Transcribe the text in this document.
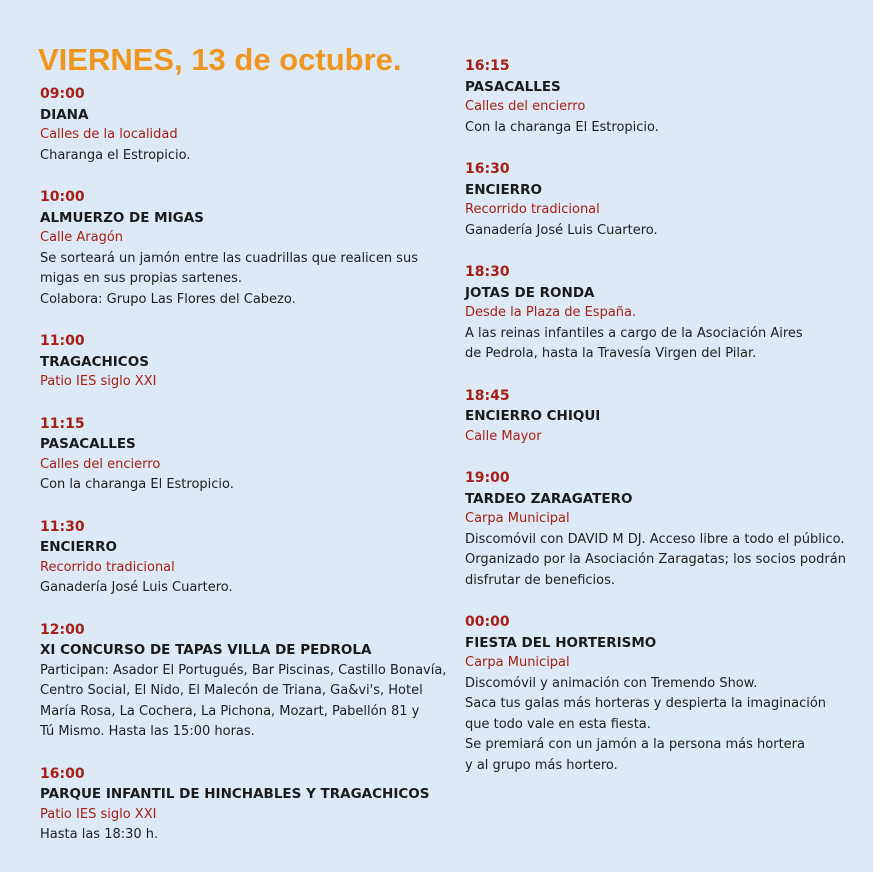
VIERNES, 13 de octubre.
09:00
DIANA
Calles de la localidad
Charanga el Estropicio.
10:00
ALMUERZO DE MIGAS
Calle Aragón
Se sorteará un jamón entre las cuadrillas que realicen sus
migas en sus propias sartenes.
Colabora: Grupo Las Flores del Cabezo.
11:00
TRAGACHICOS
Patio IES siglo XXI
11:15
PASACALLES
Calles del encierro
Con la charanga El Estropicio.
11:30
ENCIERRO
Recorrido tradicional
Ganadería José Luis Cuartero.
12:00
XI CONCURSO DE TAPAS VILLA DE PEDROLA
Participan: Asador El Portugués, Bar Piscinas, Castillo Bonavía,
Centro Social, El Nido, El Malecón de Triana, Ga&vi's, Hotel
María Rosa, La Cochera, La Pichona, Mozart, Pabellón 81 y
Tú Mismo. Hasta las 15:00 horas.
16:00
PARQUE INFANTIL DE HINCHABLES Y TRAGACHICOS
Patio IES siglo XXI
Hasta las 18:30 h.
16:15
PASACALLES
Calles del encierro
Con la charanga El Estropicio.
16:30
ENCIERRO
Recorrido tradicional
Ganadería José Luis Cuartero.
18:30
JOTAS DE RONDA
Desde la Plaza de España.
A las reinas infantiles a cargo de la Asociación Aires
de Pedrola, hasta la Travesía Virgen del Pilar.
18:45
ENCIERRO CHIQUI
Calle Mayor
19:00
TARDEO ZARAGATERO
Carpa Municipal
Discomóvil con DAVID M DJ. Acceso libre a todo el público.
Organizado por la Asociación Zaragatas; los socios podrán
disfrutar de beneficios.
00:00
FIESTA DEL HORTERISMO
Carpa Municipal
Discomóvil y animación con Tremendo Show.
Saca tus galas más horteras y despierta la imaginación
que todo vale en esta fiesta.
Se premiará con un jamón a la persona más hortera
y al grupo más hortero.
